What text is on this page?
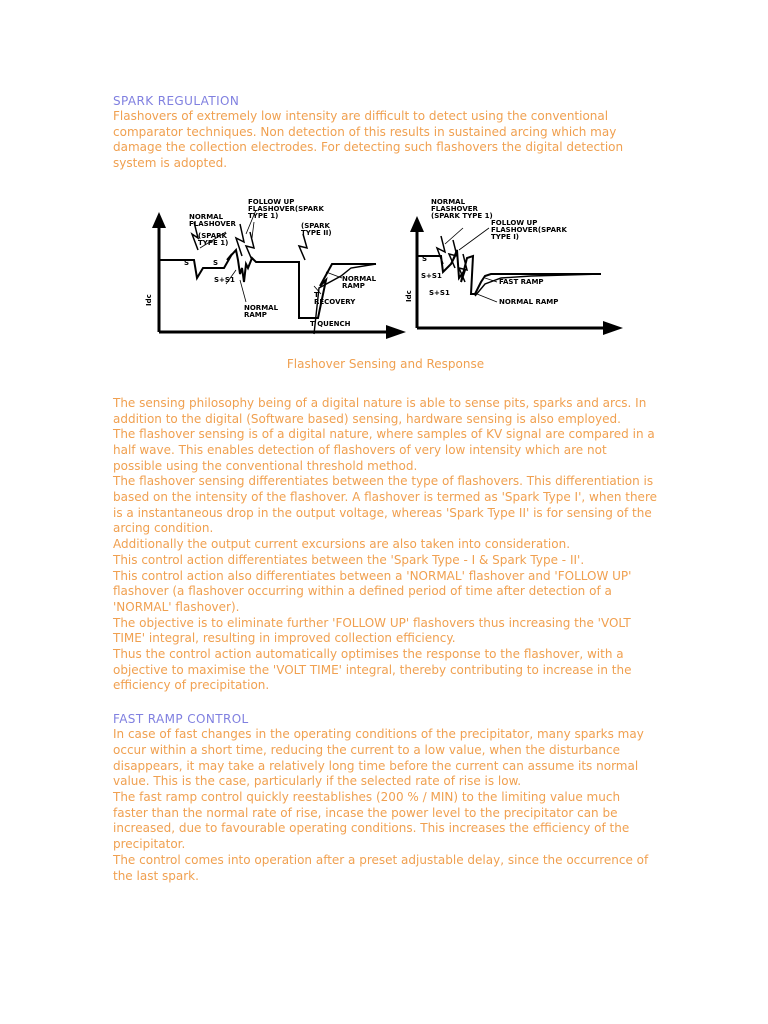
SPARK REGULATION

Flashovers of extremely low intensity are difficult to detect using the conventional comparator techniques. Non detection of this results in sustained arcing which may damage the collection electrodes. For detecting such flashovers the digital detection system is adopted.

Idc
FOLLOW UP
FLASHOVER(SPARK
TYPE 1)
NORMAL
FLASHOVER
(SPARK
TYPE 1)
(SPARK
TYPE II)
S	S
S+S1
NORMAL
RAMP
NORMAL
RAMP
T
RECOVERY
T QUENCH
Idc
NORMAL
FLASHOVER
(SPARK TYPE 1)
FOLLOW UP
FLASHOVER(SPARK
TYPE I)
S
S+S1
S+S1
FAST RAMP
NORMAL RAMP

Flashover Sensing and Response

The sensing philosophy being of a digital nature is able to sense pits, sparks and arcs. In addition to the digital (Software based) sensing, hardware sensing is also employed.

The flashover sensing is of a digital nature, where samples of KV signal are compared in a half wave. This enables detection of flashovers of very low intensity which are not possible using the conventional threshold method.

The flashover sensing differentiates between the type of flashovers. This differentiation is based on the intensity of the flashover. A flashover is termed as 'Spark Type I', when there is a instantaneous drop in the output voltage, whereas 'Spark Type II' is for sensing of the arcing condition.

Additionally the output current excursions are also taken into consideration.

This control action differentiates between the 'Spark Type - I & Spark Type - II'.

This control action also differentiates between a 'NORMAL' flashover and 'FOLLOW UP' flashover (a flashover occurring within a defined period of time after detection of a 'NORMAL' flashover).

The objective is to eliminate further 'FOLLOW UP' flashovers thus increasing the 'VOLT TIME' integral, resulting in improved collection efficiency.

Thus the control action automatically optimises the response to the flashover, with a objective to maximise the 'VOLT TIME' integral, thereby contributing to increase in the efficiency of precipitation.

FAST RAMP CONTROL

In case of fast changes in the operating conditions of the precipitator, many sparks may occur within a short time, reducing the current to a low value, when the disturbance disappears, it may take a relatively long time before the current can assume its normal value. This is the case, particularly if the selected rate of rise is low.

The fast ramp control quickly reestablishes (200 % / MIN) to the limiting value much faster than the normal rate of rise, incase the power level to the precipitator can be increased, due to favourable operating conditions. This increases the efficiency of the precipitator.

The control comes into operation after a preset adjustable delay, since the occurrence of the last spark.
